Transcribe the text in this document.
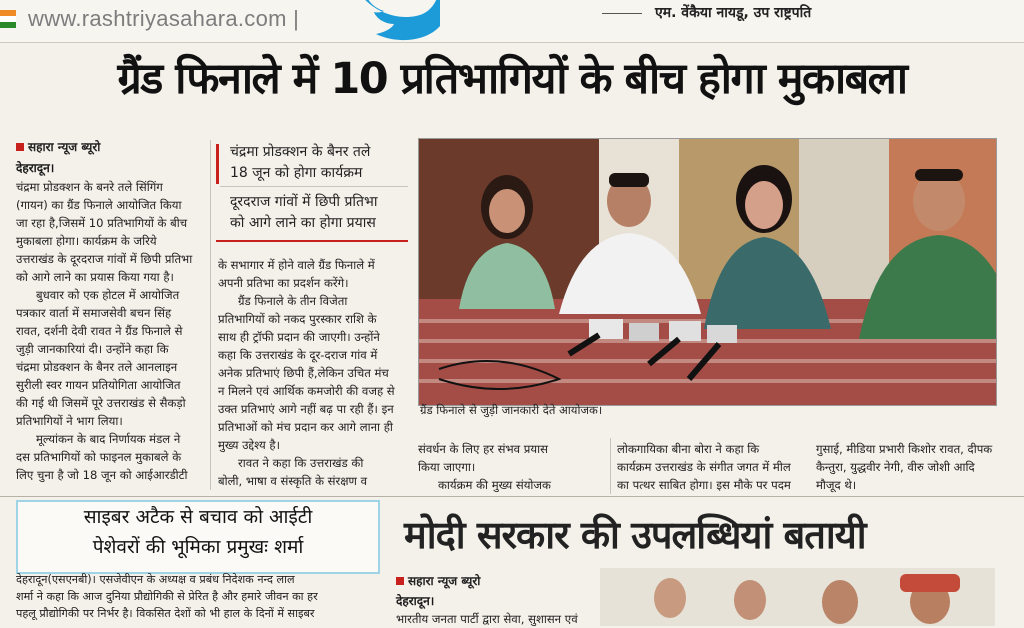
www.rashtriyasahara.com |	एम. वेंकैया नायडू, उप राष्ट्रपति
ग्रैंड फिनाले में 10 प्रतिभागियों के बीच होगा मुकाबला
सहारा न्यूज ब्यूरो
देहरादून।
चंद्रमा प्रोडक्शन के बनरे तले सिंगिंग
(गायन) का ग्रैंड फिनाले आयोजित किया
जा रहा है,जिसमें 10 प्रतिभागियों के बीच
मुकाबला होगा। कार्यक्रम के जरिये
उत्तराखंड के दूरदराज गांवों में छिपी प्रतिभा
को आगे लाने का प्रयास किया गया है।
बुधवार को एक होटल में आयोजित
पत्रकार वार्ता में समाजसेवी बचन सिंह
रावत, दर्शनी देवी रावत ने ग्रैंड फिनाले से
जुड़ी जानकारियां दी। उन्होंने कहा कि
चंद्रमा प्रोडक्शन के बैनर तले आनलाइन
सुरीली स्वर गायन प्रतियोगिता आयोजित
की गई थी जिसमें पूरे उत्तराखंड से सैकड़ो
प्रतिभागियों ने भाग लिया।
मूल्यांकन के बाद निर्णायक मंडल ने
दस प्रतिभागियों को फाइनल मुकाबले के
लिए चुना है जो 18 जून को आईआरडीटी
चंद्रमा प्रोडक्शन के बैनर तले
18 जून को होगा कार्यक्रम
दूरदराज गांवों में छिपी प्रतिभा
को आगे लाने का होगा प्रयास
के सभागार में होने वाले ग्रैंड फिनाले में
अपनी प्रतिभा का प्रदर्शन करेंगे।
ग्रैंड फिनाले के तीन विजेता
प्रतिभागियों को नकद पुरस्कार राशि के
साथ ही ट्रॉफी प्रदान की जाएगी। उन्होंने
कहा कि उत्तराखंड के दूर-दराज गांव में
अनेक प्रतिभाएं छिपी हैं,लेकिन उचित मंच
न मिलने एवं आर्थिक कमजोरी की वजह से
उक्त प्रतिभाएं आगे नहीं बढ़ पा रही हैं। इन
प्रतिभाओं को मंच प्रदान कर आगे लाना ही
मुख्य उद्देश्य है।
रावत ने कहा कि उत्तराखंड की
बोली, भाषा व संस्कृति के संरक्षण व
ग्रैंड फिनाले से जुड़ी जानकारी देते आयोजक।
संवर्धन के लिए हर संभव प्रयास
किया जाएगा।
कार्यक्रम की मुख्य संयोजक
लोकगायिका बीना बोरा ने कहा कि
कार्यक्रम उत्तराखंड के संगीत जगत में मील
का पत्थर साबित होगा। इस मौके पर पदम
गुसाई, मीडिया प्रभारी किशोर रावत, दीपक
कैन्तुरा, युद्धवीर नेगी, वीरु जोशी आदि
मौजूद थे।
साइबर अटैक से बचाव को आईटी
पेशेवरों की भूमिका प्रमुखः शर्मा
देहरादून(एसएनबी)। एसजेवीएन के अध्यक्ष व प्रबंध निदेशक नन्द लाल
शर्मा ने कहा कि आज दुनिया प्रौद्योगिकी से प्रेरित है और हमारे जीवन का हर
पहलू प्रौद्योगिकी पर निर्भर है। विकसित देशों को भी हाल के दिनों में साइबर
मोदी सरकार की उपलब्धियां बतायी
सहारा न्यूज ब्यूरो
देहरादून।
भारतीय जनता पार्टी द्वारा सेवा, सुशासन एवं
